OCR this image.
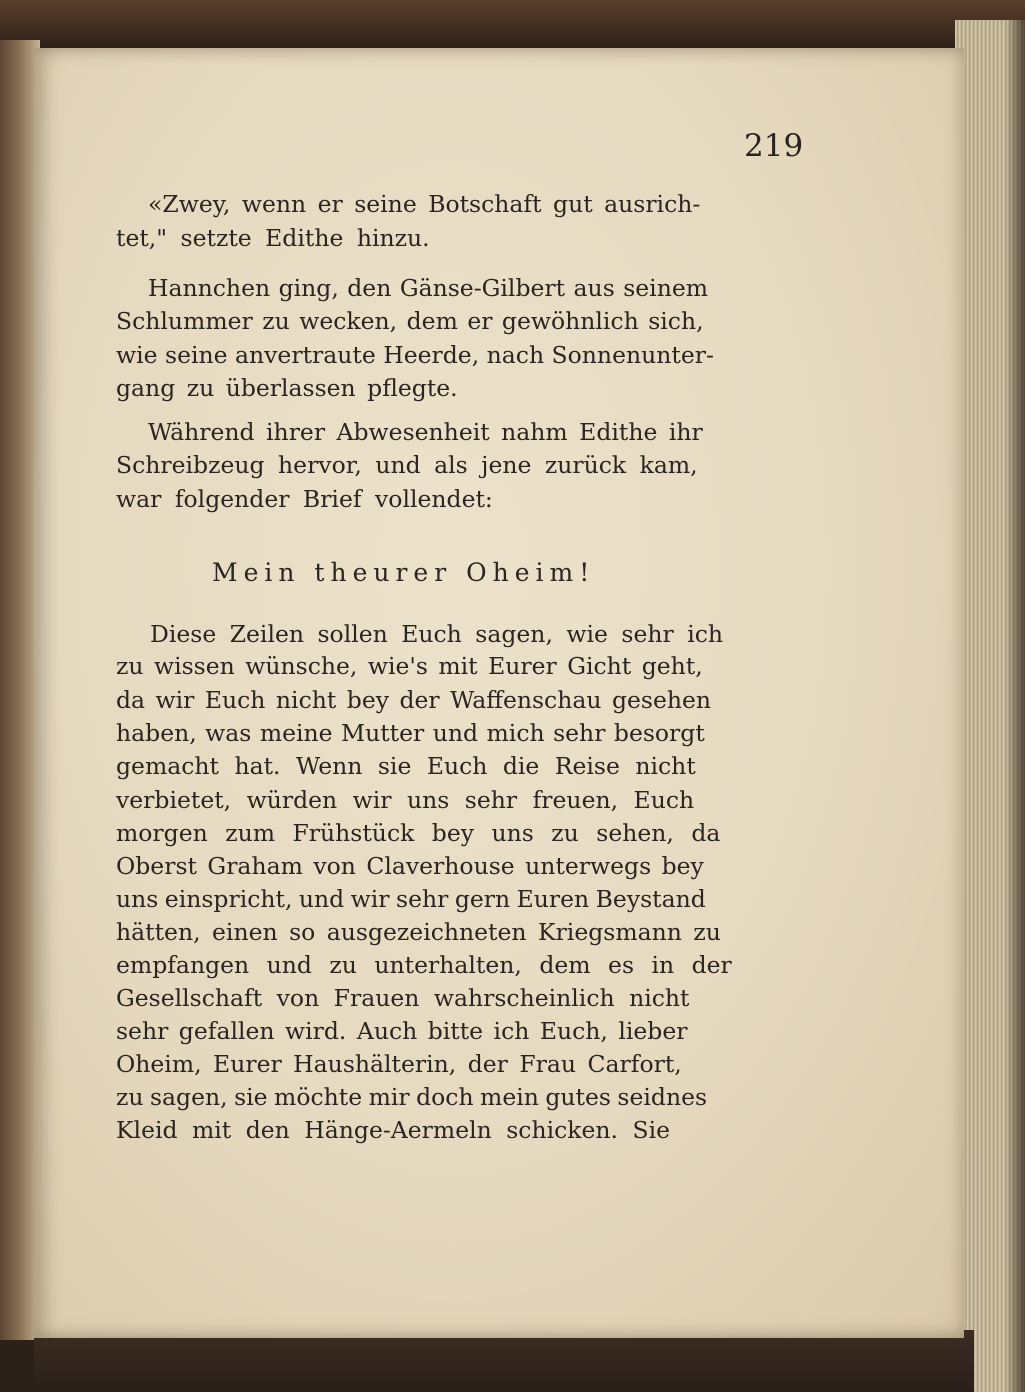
219
«Zwey, wenn er seine Botschaft gut ausrich-
tet," setzte Edithe hinzu.
Hannchen ging, den Gänse-Gilbert aus seinem
Schlummer zu wecken, dem er gewöhnlich sich,
wie seine anvertraute Heerde, nach Sonnenunter-
gang zu überlassen pflegte.
Während ihrer Abwesenheit nahm Edithe ihr
Schreibzeug hervor, und als jene zurück kam,
war folgender Brief vollendet:
Mein theurer Oheim!
Diese Zeilen sollen Euch sagen, wie sehr ich
zu wissen wünsche, wie's mit Eurer Gicht geht,
da wir Euch nicht bey der Waffenschau gesehen
haben, was meine Mutter und mich sehr besorgt
gemacht hat. Wenn sie Euch die Reise nicht
verbietet, würden wir uns sehr freuen, Euch
morgen zum Frühstück bey uns zu sehen, da
Oberst Graham von Claverhouse unterwegs bey
uns einspricht, und wir sehr gern Euren Beystand
hätten, einen so ausgezeichneten Kriegsmann zu
empfangen und zu unterhalten, dem es in der
Gesellschaft von Frauen wahrscheinlich nicht
sehr gefallen wird. Auch bitte ich Euch, lieber
Oheim, Eurer Haushälterin, der Frau Carfort,
zu sagen, sie möchte mir doch mein gutes seidnes
Kleid mit den Hänge-Aermeln schicken. Sie
